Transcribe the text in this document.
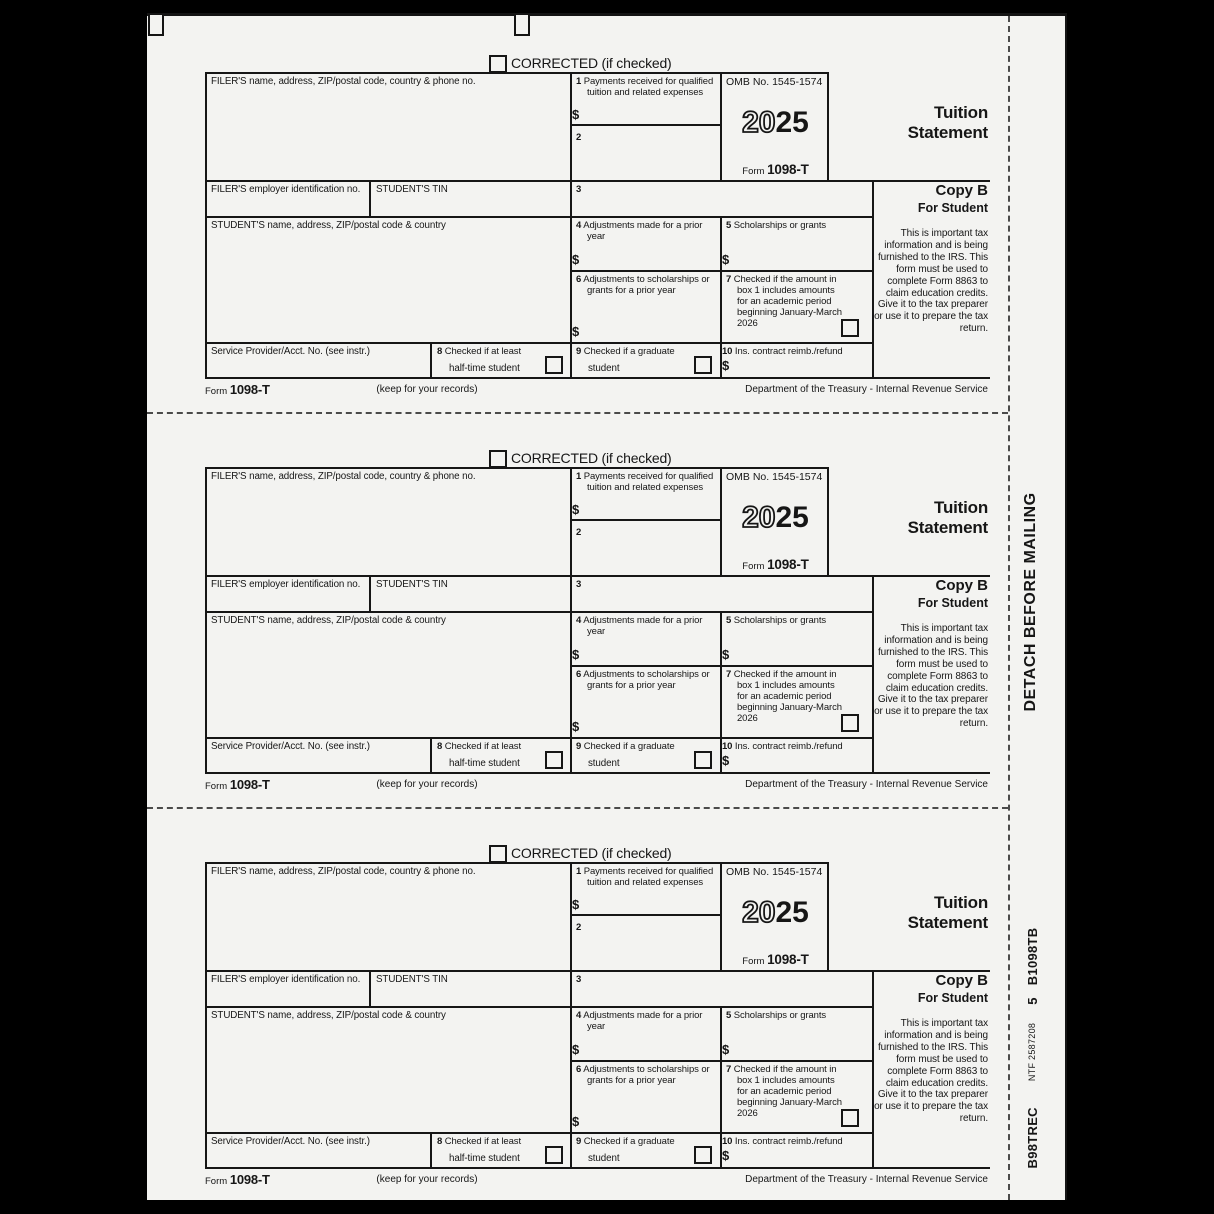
DETACH BEFORE MAILING
B98TREC
NTF 2587208
5
B1098TB
CORRECTED (if checked)
FILER'S name, address, ZIP/postal code, country & phone no.	1 Payments received for qualified tuition and related expenses
$
2
OMB No. 1545-1574
2025
Form 1098-T
Tuition
Statement
FILER'S employer identification no.	STUDENT'S TIN	3
STUDENT'S name, address, ZIP/postal code & country	4 Adjustments made for a prior year
$
5 Scholarships or grants
$
6 Adjustments to scholarships or grants for a prior year
$
7 Checked if the amount in box 1 includes amounts for an academic period beginning January-March 2026
Service Provider/Acct. No. (see instr.)	8 Checked if at least
half-time student
9 Checked if a graduate
student
10 Ins. contract reimb./refund
$
Copy B
For Student
This is important tax information and is being furnished to the IRS. This form must be used to complete Form 8863 to claim education credits. Give it to the tax preparer or use it to prepare the tax return.
Form 1098-T	(keep for your records)	Department of the Treasury - Internal Revenue Service
CORRECTED (if checked)
FILER'S name, address, ZIP/postal code, country & phone no.	1 Payments received for qualified tuition and related expenses
$
2
OMB No. 1545-1574
2025
Form 1098-T
Tuition
Statement
FILER'S employer identification no.	STUDENT'S TIN	3
STUDENT'S name, address, ZIP/postal code & country	4 Adjustments made for a prior year
$
5 Scholarships or grants
$
6 Adjustments to scholarships or grants for a prior year
$
7 Checked if the amount in box 1 includes amounts for an academic period beginning January-March 2026
Service Provider/Acct. No. (see instr.)	8 Checked if at least
half-time student
9 Checked if a graduate
student
10 Ins. contract reimb./refund
$
Copy B
For Student
This is important tax information and is being furnished to the IRS. This form must be used to complete Form 8863 to claim education credits. Give it to the tax preparer or use it to prepare the tax return.
Form 1098-T	(keep for your records)	Department of the Treasury - Internal Revenue Service
CORRECTED (if checked)
FILER'S name, address, ZIP/postal code, country & phone no.	1 Payments received for qualified tuition and related expenses
$
2
OMB No. 1545-1574
2025
Form 1098-T
Tuition
Statement
FILER'S employer identification no.	STUDENT'S TIN	3
STUDENT'S name, address, ZIP/postal code & country	4 Adjustments made for a prior year
$
5 Scholarships or grants
$
6 Adjustments to scholarships or grants for a prior year
$
7 Checked if the amount in box 1 includes amounts for an academic period beginning January-March 2026
Service Provider/Acct. No. (see instr.)	8 Checked if at least
half-time student
9 Checked if a graduate
student
10 Ins. contract reimb./refund
$
Copy B
For Student
This is important tax information and is being furnished to the IRS. This form must be used to complete Form 8863 to claim education credits. Give it to the tax preparer or use it to prepare the tax return.
Form 1098-T	(keep for your records)	Department of the Treasury - Internal Revenue Service
